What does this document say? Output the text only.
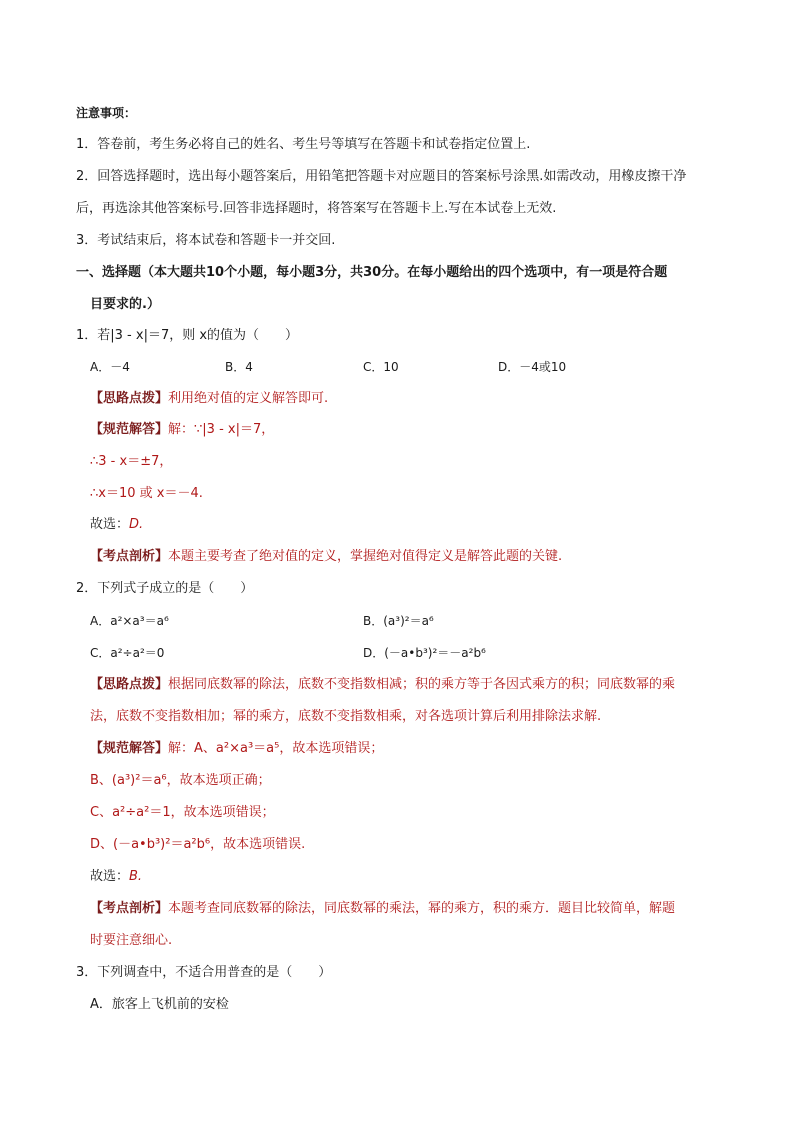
注意事项：
1．答卷前，考生务必将自己的姓名、考生号等填写在答题卡和试卷指定位置上.
2．回答选择题时，选出每小题答案后，用铅笔把答题卡对应题目的答案标号涂黑.如需改动，用橡皮擦干净
后，再选涂其他答案标号.回答非选择题时，将答案写在答题卡上.写在本试卷上无效.
3．考试结束后，将本试卷和答题卡一并交回.
一、选择题（本大题共10个小题，每小题3分，共30分。在每小题给出的四个选项中，有一项是符合题
目要求的.）
1．若|3 - x|＝7，则 x的值为（　　）
A．－4	B．4	C．10	D．－4或10
【思路点拨】利用绝对值的定义解答即可.
【规范解答】解：∵|3 - x|＝7，
∴3 - x＝±7，
∴x＝10 或 x＝－4.
故选：D.
【考点剖析】本题主要考查了绝对值的定义，掌握绝对值得定义是解答此题的关键.
2．下列式子成立的是（　　）
A．a²×a³＝a⁶	B．(a³)²＝a⁶
C．a²÷a²＝0	D．(－a•b³)²＝－a²b⁶
【思路点拨】根据同底数幂的除法，底数不变指数相减；积的乘方等于各因式乘方的积；同底数幂的乘
法，底数不变指数相加；幂的乘方，底数不变指数相乘，对各选项计算后利用排除法求解.
【规范解答】解：A、a²×a³＝a⁵，故本选项错误；
B、(a³)²＝a⁶，故本选项正确；
C、a²÷a²＝1，故本选项错误；
D、(－a•b³)²＝a²b⁶，故本选项错误.
故选：B.
【考点剖析】本题考查同底数幂的除法，同底数幂的乘法，幂的乘方，积的乘方．题目比较简单，解题
时要注意细心.
3．下列调查中，不适合用普查的是（　　）
A．旅客上飞机前的安检
